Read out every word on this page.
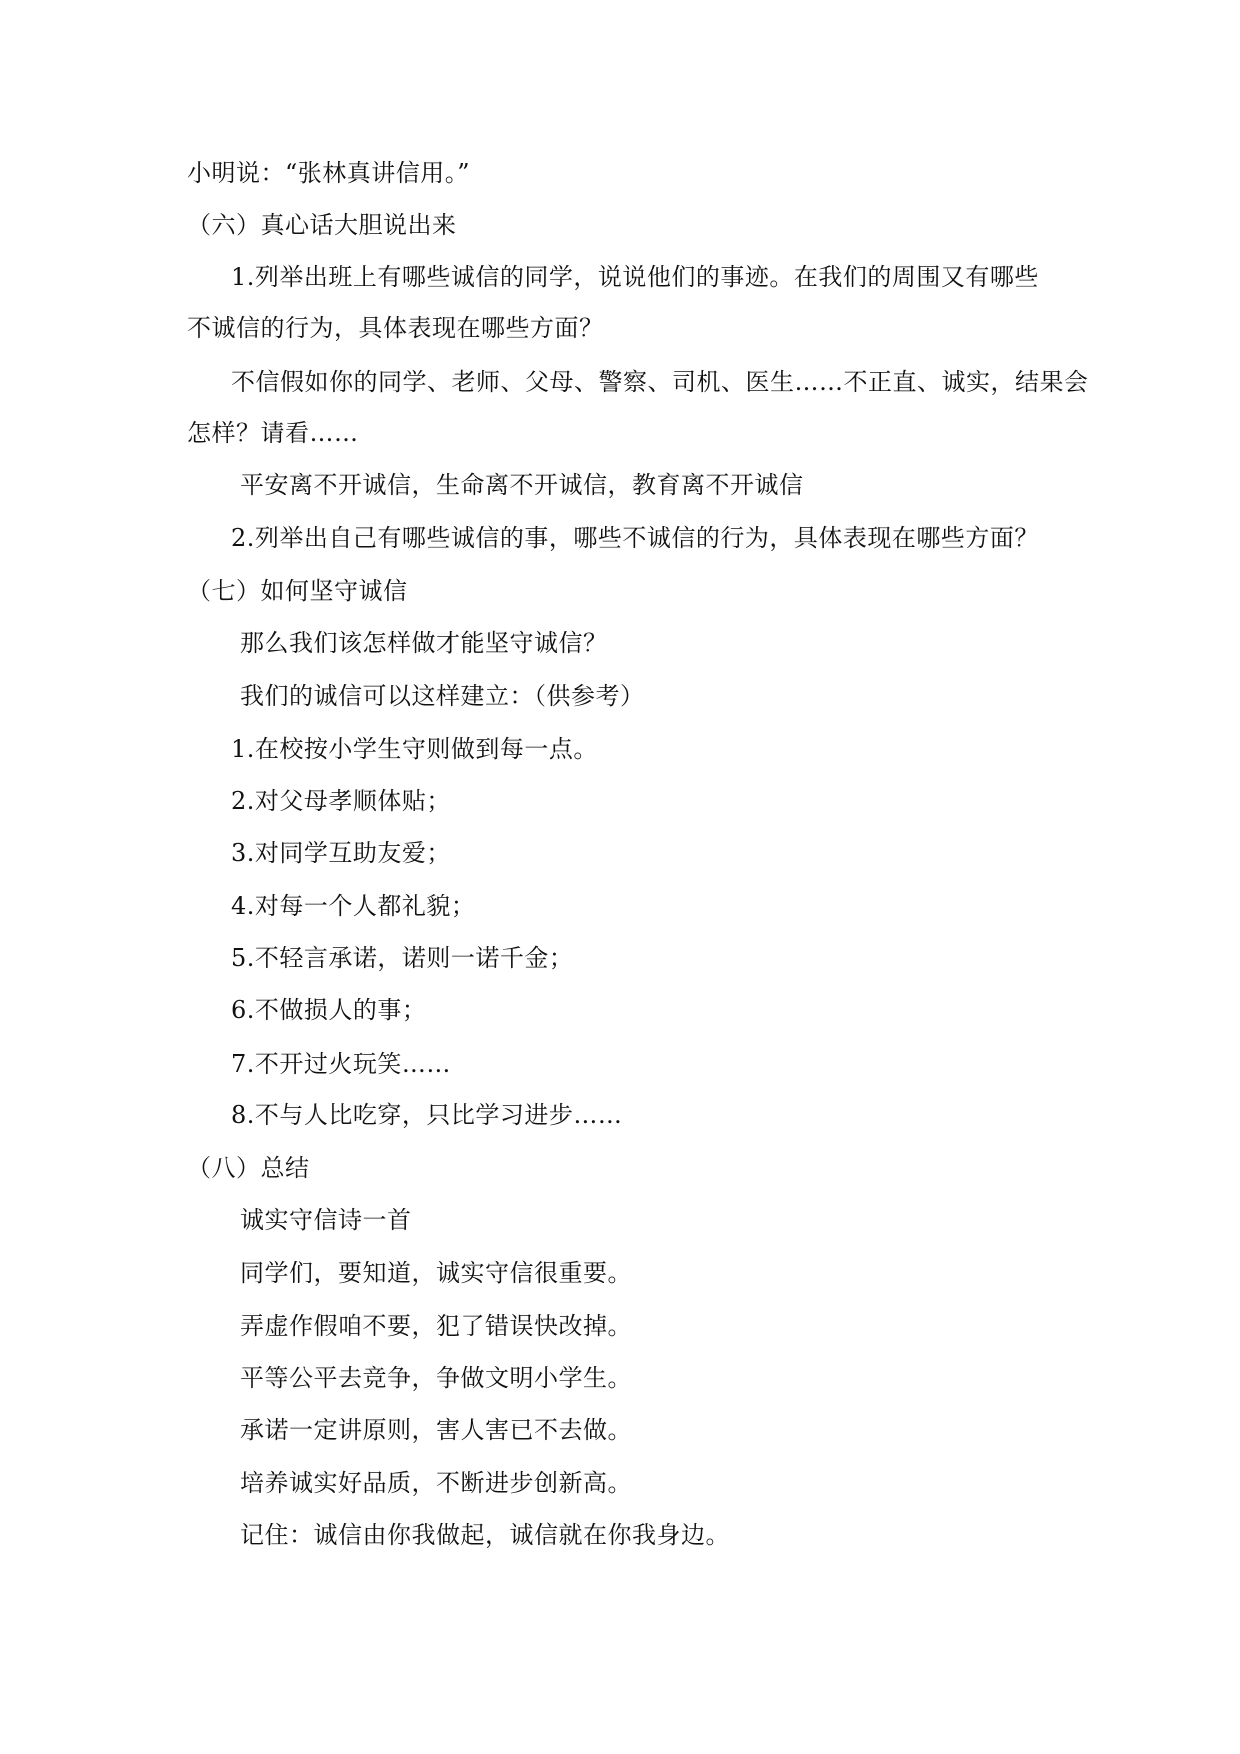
小明说：“张林真讲信用。”
（六）真心话大胆说出来
1.列举出班上有哪些诚信的同学，说说他们的事迹。在我们的周围又有哪些
不诚信的行为，具体表现在哪些方面？
不信假如你的同学、老师、父母、警察、司机、医生……不正直、诚实，结果会
怎样？请看……
平安离不开诚信，生命离不开诚信，教育离不开诚信
2.列举出自己有哪些诚信的事，哪些不诚信的行为，具体表现在哪些方面？
（七）如何坚守诚信
那么我们该怎样做才能坚守诚信？
我们的诚信可以这样建立：（供参考）
1.在校按小学生守则做到每一点。
2.对父母孝顺体贴；
3.对同学互助友爱；
4.对每一个人都礼貌；
5.不轻言承诺，诺则一诺千金；
6.不做损人的事；
7.不开过火玩笑……
8.不与人比吃穿，只比学习进步……
（八）总结
诚实守信诗一首
同学们，要知道，诚实守信很重要。
弄虚作假咱不要，犯了错误快改掉。
平等公平去竞争，争做文明小学生。
承诺一定讲原则，害人害已不去做。
培养诚实好品质，不断进步创新高。
记住：诚信由你我做起，诚信就在你我身边。
